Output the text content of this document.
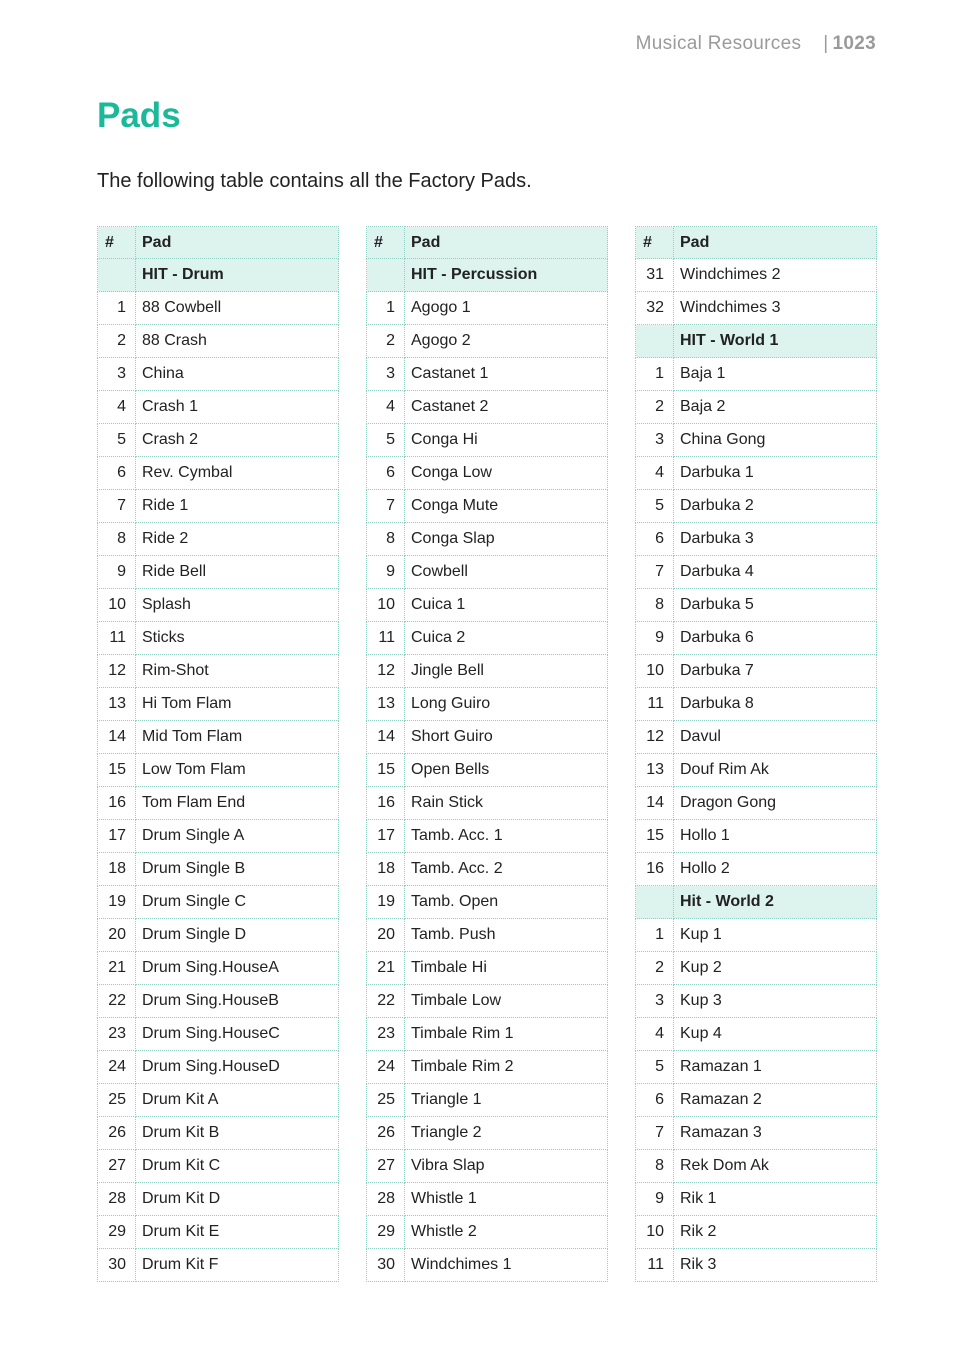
Musical Resources | 1023
Pads

The following table contains all the Factory Pads.

#	Pad
	HIT - Drum
1	88 Cowbell
2	88 Crash
3	China
4	Crash 1
5	Crash 2
6	Rev. Cymbal
7	Ride 1
8	Ride 2
9	Ride Bell
10	Splash
11	Sticks
12	Rim-Shot
13	Hi Tom Flam
14	Mid Tom Flam
15	Low Tom Flam
16	Tom Flam End
17	Drum Single A
18	Drum Single B
19	Drum Single C
20	Drum Single D
21	Drum Sing.HouseA
22	Drum Sing.HouseB
23	Drum Sing.HouseC
24	Drum Sing.HouseD
25	Drum Kit A
26	Drum Kit B
27	Drum Kit C
28	Drum Kit D
29	Drum Kit E
30	Drum Kit F
#	Pad
	HIT - Percussion
1	Agogo 1
2	Agogo 2
3	Castanet 1
4	Castanet 2
5	Conga Hi
6	Conga Low
7	Conga Mute
8	Conga Slap
9	Cowbell
10	Cuica 1
11	Cuica 2
12	Jingle Bell
13	Long Guiro
14	Short Guiro
15	Open Bells
16	Rain Stick
17	Tamb. Acc. 1
18	Tamb. Acc. 2
19	Tamb. Open
20	Tamb. Push
21	Timbale Hi
22	Timbale Low
23	Timbale Rim 1
24	Timbale Rim 2
25	Triangle 1
26	Triangle 2
27	Vibra Slap
28	Whistle 1
29	Whistle 2
30	Windchimes 1
#	Pad
31	Windchimes 2
32	Windchimes 3
	HIT - World 1
1	Baja 1
2	Baja 2
3	China Gong
4	Darbuka 1
5	Darbuka 2
6	Darbuka 3
7	Darbuka 4
8	Darbuka 5
9	Darbuka 6
10	Darbuka 7
11	Darbuka 8
12	Davul
13	Douf Rim Ak
14	Dragon Gong
15	Hollo 1
16	Hollo 2
	Hit - World 2
1	Kup 1
2	Kup 2
3	Kup 3
4	Kup 4
5	Ramazan 1
6	Ramazan 2
7	Ramazan 3
8	Rek Dom Ak
9	Rik 1
10	Rik 2
11	Rik 3
